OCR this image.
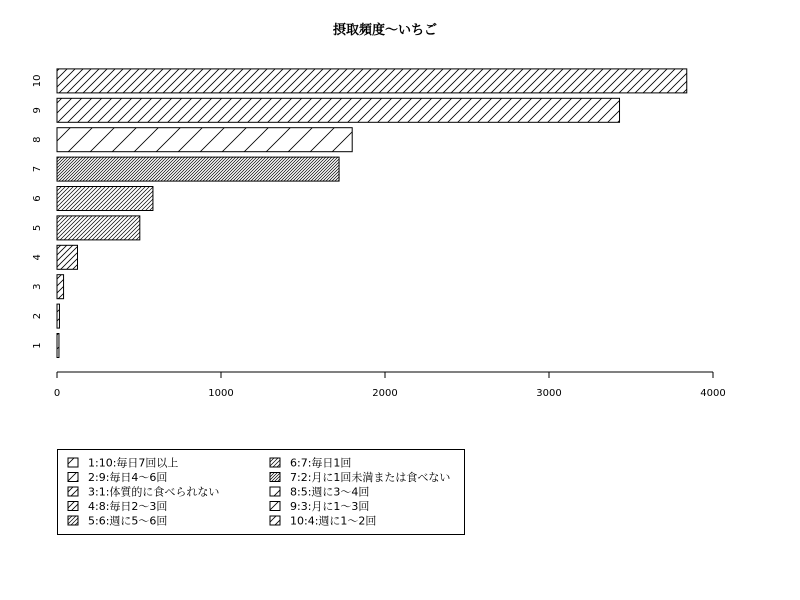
摂取頻度〜いちご
1
2
3
4
5
6
7
8
9
10
0	1000	2000	3000	4000
1:10:毎日7回以上
2:9:毎日4〜6回
3:1:体質的に食べられない
4:8:毎日2〜3回
5:6:週に5〜6回
6:7:毎日1回
7:2:月に1回未満または食べない
8:5:週に3〜4回
9:3:月に1〜3回
10:4:週に1〜2回
